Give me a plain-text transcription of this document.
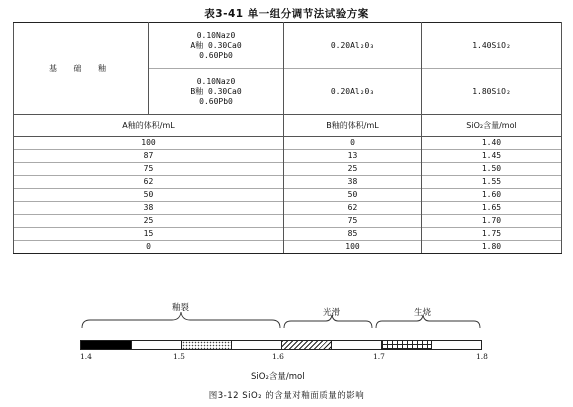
表3-41 单一组分调节法试验方案
基 础 釉	0.10Naz0
A釉 0.30Ca0
0.60Pb0	0.20Al₂0₃	1.40SiO₂

	0.10Naz0
B釉 0.30Ca0
0.60Pb0	0.20Al₂0₃	1.80SiO₂
A釉的体积/mL		B釉的体积/mL	SiO₂含量/mol
100		0	1.40
87		13	1.45
75		25	1.50
62		38	1.55
50		50	1.60
38		62	1.65
25		75	1.70
15		85	1.75
0		100	1.80
釉裂	光滑	生烧
1.4	1.5	1.6	1.7	1.8
SiO₂含量/mol
图3-12 SiO₂ 的含量对釉面质量的影响
